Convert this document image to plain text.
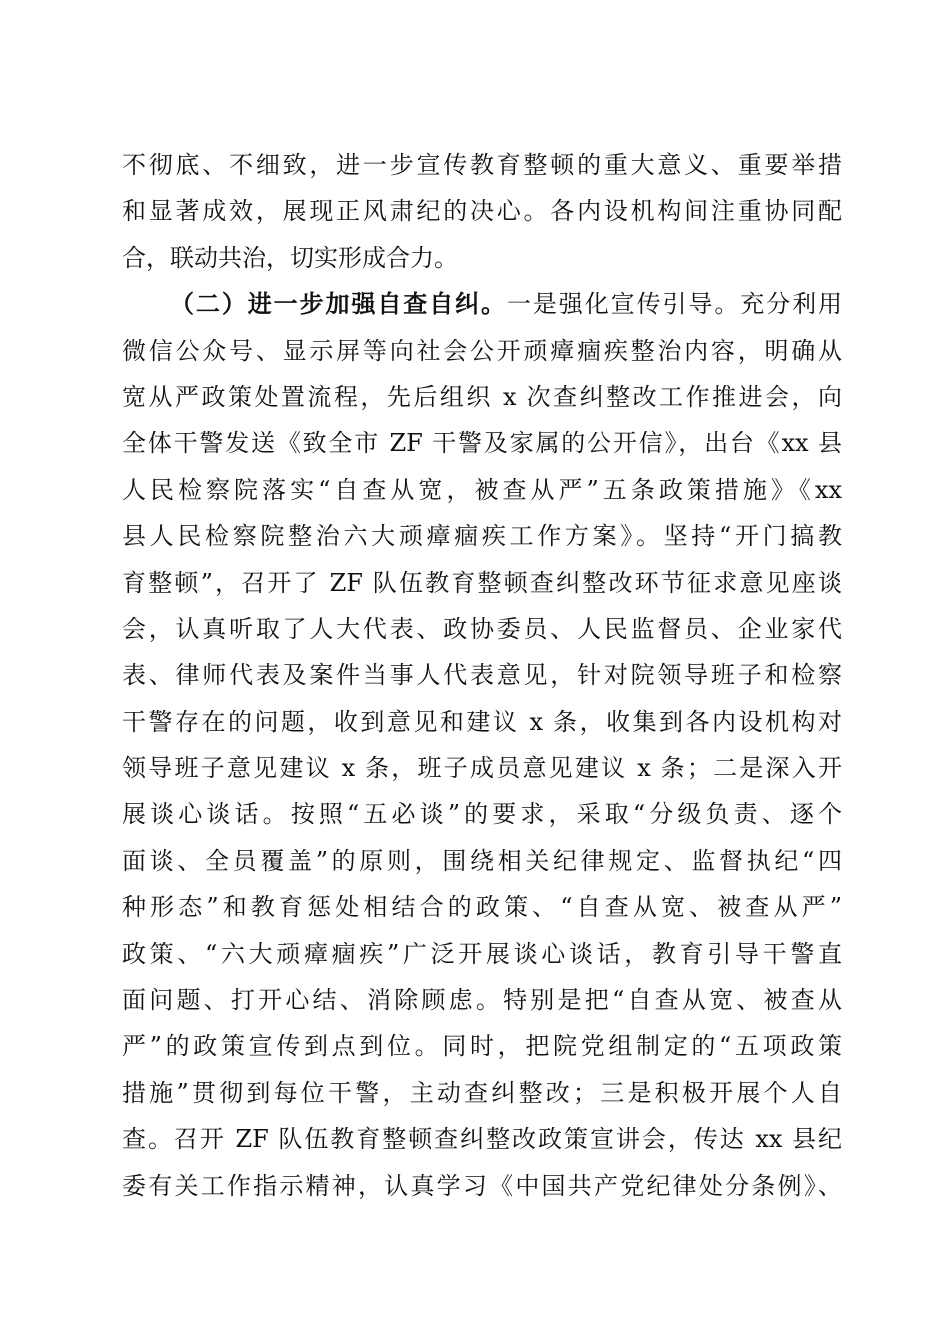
不彻底、不细致，进一步宣传教育整顿的重大意义、重要举措
和显著成效，展现正风肃纪的决心。各内设机构间注重协同配
合，联动共治，切实形成合力。
（二）进一步加强自查自纠。一是强化宣传引导。充分利用
微信公众号、显示屏等向社会公开顽瘴痼疾整治内容，明确从
宽从严政策处置流程，先后组织 x 次查纠整改工作推进会，向
全体干警发送《致全市 ZF 干警及家属的公开信》，出台《xx 县
人民检察院落实“自查从宽，被查从严”五条政策措施》《xx
县人民检察院整治六大顽瘴痼疾工作方案》。坚持“开门搞教
育整顿”，召开了 ZF 队伍教育整顿查纠整改环节征求意见座谈
会，认真听取了人大代表、政协委员、人民监督员、企业家代
表、律师代表及案件当事人代表意见，针对院领导班子和检察
干警存在的问题，收到意见和建议 x 条，收集到各内设机构对
领导班子意见建议 x 条，班子成员意见建议 x 条；二是深入开
展谈心谈话。按照“五必谈”的要求，采取“分级负责、逐个
面谈、全员覆盖”的原则，围绕相关纪律规定、监督执纪“四
种形态”和教育惩处相结合的政策、“自查从宽、被查从严”
政策、“六大顽瘴痼疾”广泛开展谈心谈话，教育引导干警直
面问题、打开心结、消除顾虑。特别是把“自查从宽、被查从
严”的政策宣传到点到位。同时，把院党组制定的“五项政策
措施”贯彻到每位干警，主动查纠整改；三是积极开展个人自
查。召开 ZF 队伍教育整顿查纠整改政策宣讲会，传达 xx 县纪
委有关工作指示精神，认真学习《中国共产党纪律处分条例》、
